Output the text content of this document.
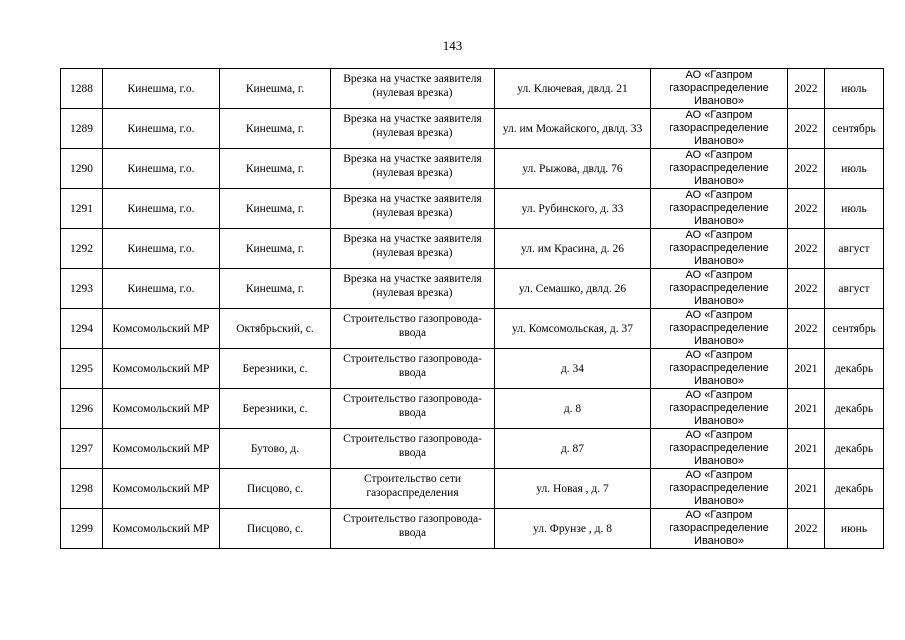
143
1288	Кинешма, г.о.	Кинешма, г.	Врезка на участке заявителя (нулевая врезка)	ул. Ключевая, двлд. 21	АО «Газпром газораспределение Иваново»	2022	июль
1289	Кинешма, г.о.	Кинешма, г.	Врезка на участке заявителя (нулевая врезка)	ул. им Можайского, двлд. 33	АО «Газпром газораспределение Иваново»	2022	сентябрь
1290	Кинешма, г.о.	Кинешма, г.	Врезка на участке заявителя (нулевая врезка)	ул. Рыжова, двлд. 76	АО «Газпром газораспределение Иваново»	2022	июль
1291	Кинешма, г.о.	Кинешма, г.	Врезка на участке заявителя (нулевая врезка)	ул. Рубинского, д. 33	АО «Газпром газораспределение Иваново»	2022	июль
1292	Кинешма, г.о.	Кинешма, г.	Врезка на участке заявителя (нулевая врезка)	ул. им Красина, д. 26	АО «Газпром газораспределение Иваново»	2022	август
1293	Кинешма, г.о.	Кинешма, г.	Врезка на участке заявителя (нулевая врезка)	ул. Семашко, двлд. 26	АО «Газпром газораспределение Иваново»	2022	август
1294	Комсомольский МР	Октябрьский, с.	Строительство газопровода-ввода	ул. Комсомольская, д. 37	АО «Газпром газораспределение Иваново»	2022	сентябрь
1295	Комсомольский МР	Березники, с.	Строительство газопровода-ввода	д. 34	АО «Газпром газораспределение Иваново»	2021	декабрь
1296	Комсомольский МР	Березники, с.	Строительство газопровода-ввода	д. 8	АО «Газпром газораспределение Иваново»	2021	декабрь
1297	Комсомольский МР	Бутово, д.	Строительство газопровода-ввода	д. 87	АО «Газпром газораспределение Иваново»	2021	декабрь
1298	Комсомольский МР	Писцово, с.	Строительство сети газораспределения	ул. Новая , д. 7	АО «Газпром газораспределение Иваново»	2021	декабрь
1299	Комсомольский МР	Писцово, с.	Строительство газопровода-ввода	ул. Фрунзе , д. 8	АО «Газпром газораспределение Иваново»	2022	июнь
